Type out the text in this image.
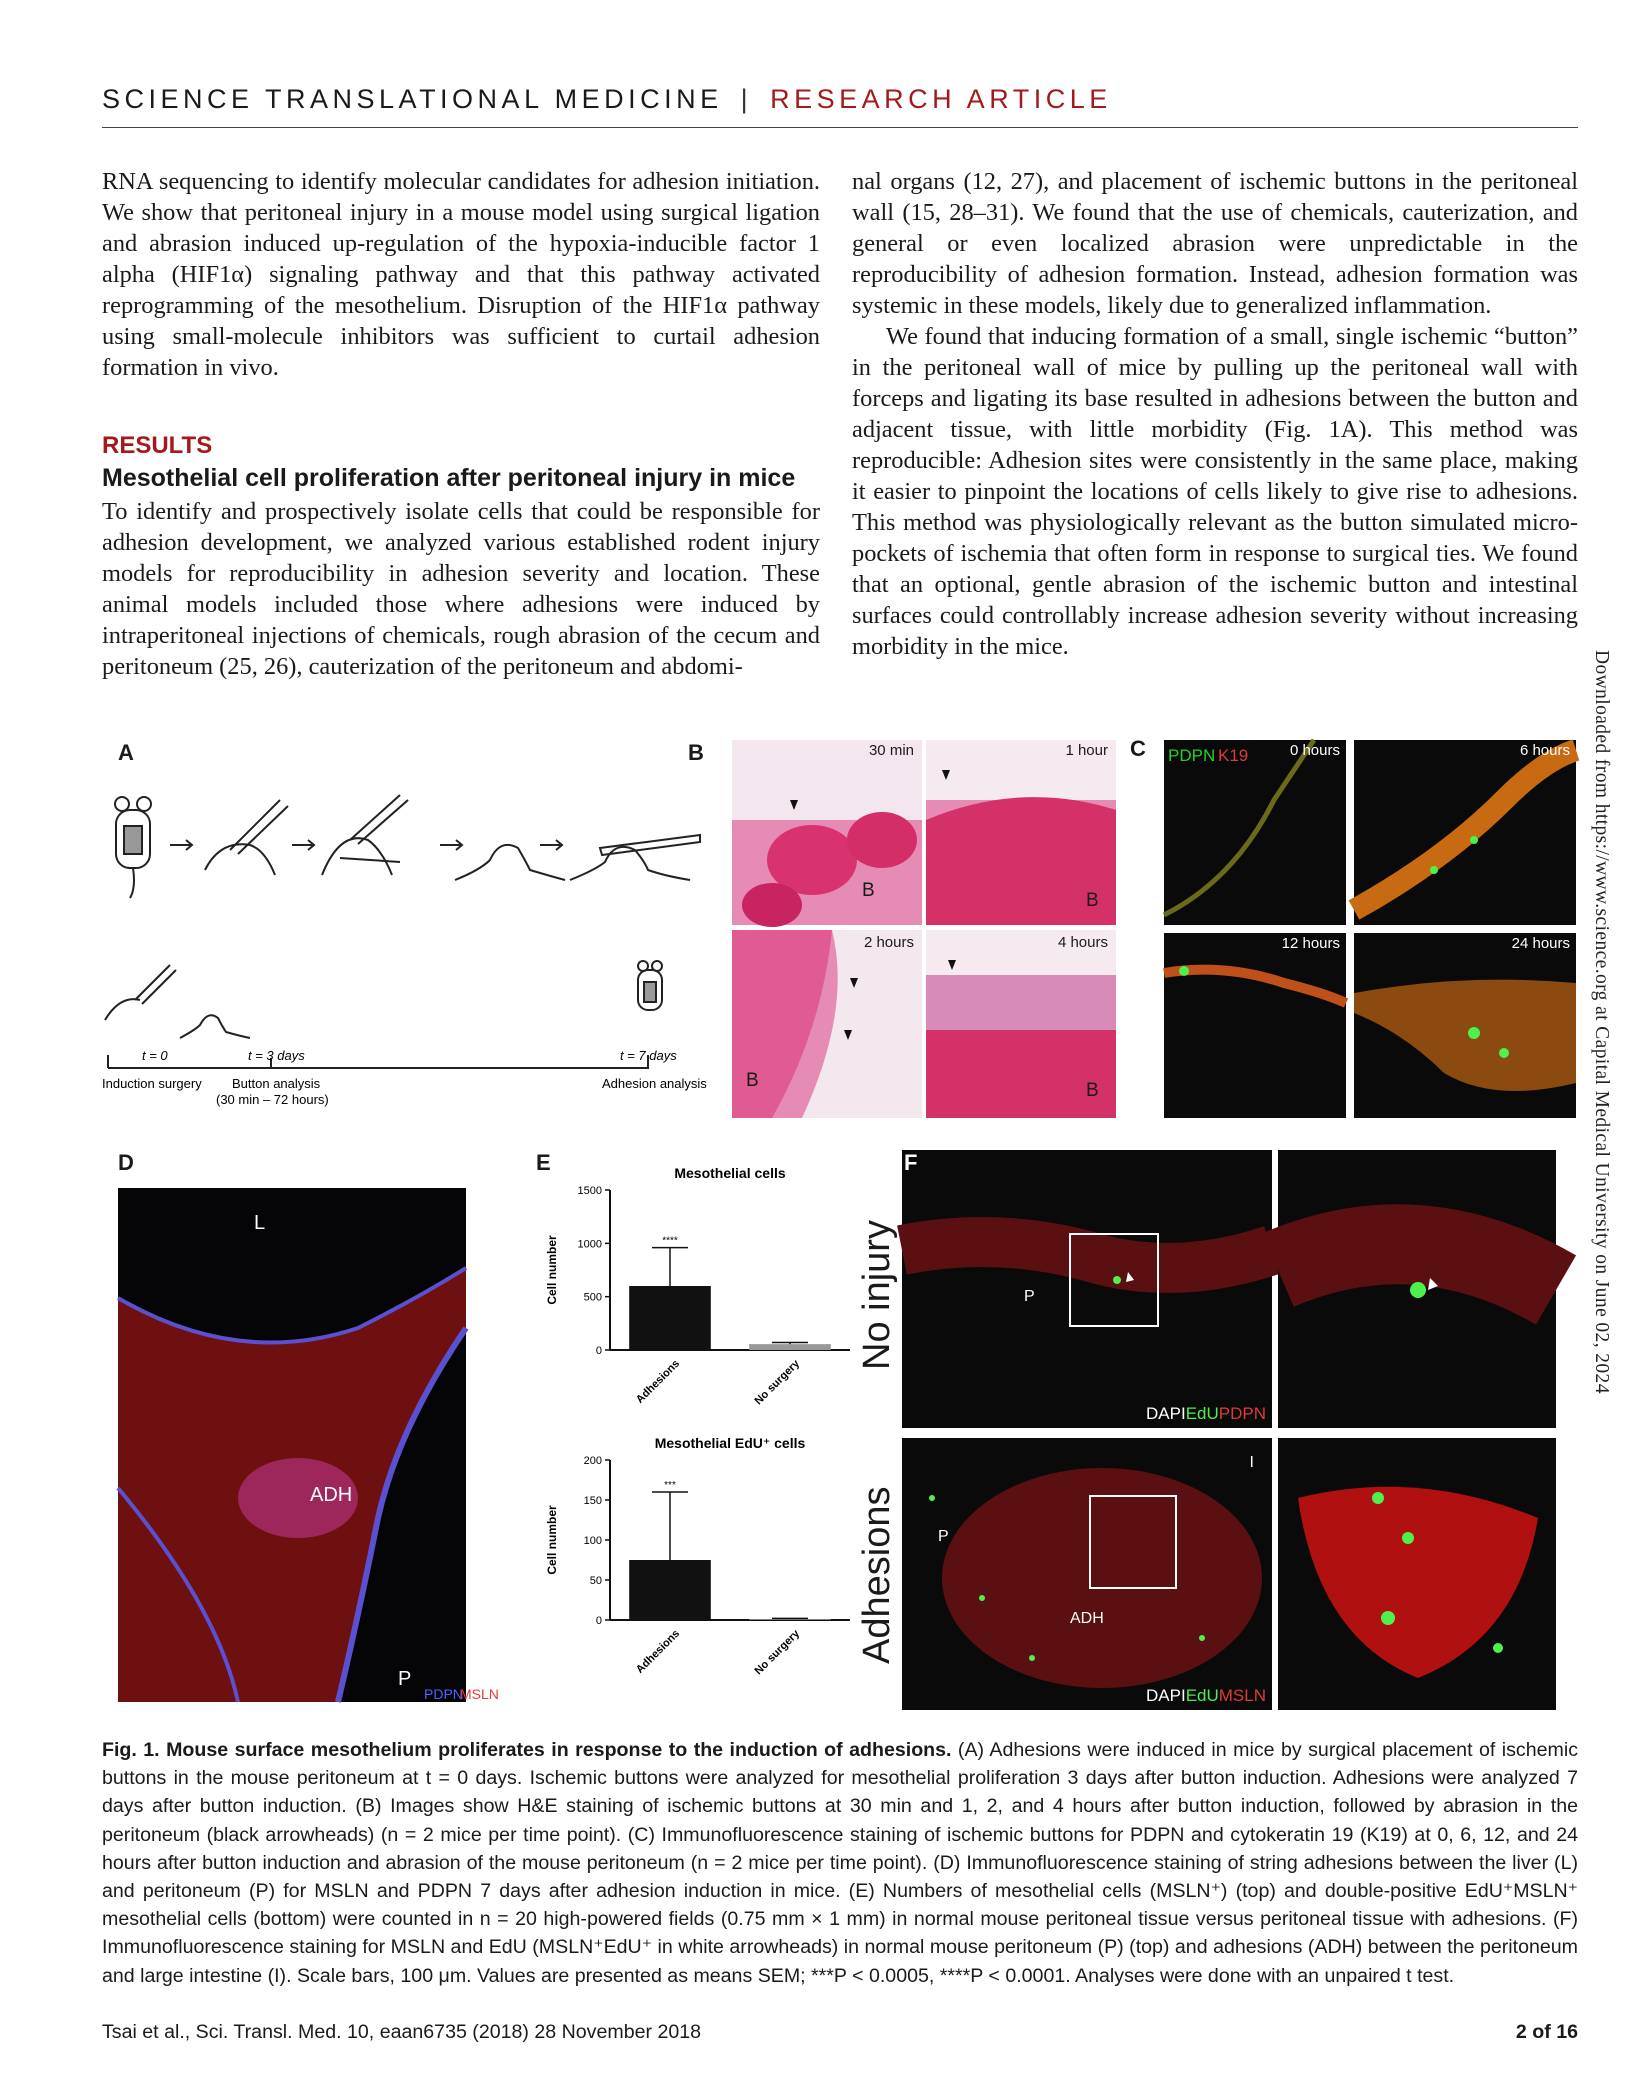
SCIENCE TRANSLATIONAL MEDICINE | RESEARCH ARTICLE

RNA sequencing to identify molecular candidates for adhesion initiation. We show that peritoneal injury in a mouse model using surgical ligation and abrasion induced up-regulation of the hypoxia-inducible factor 1 alpha (HIF1α) signaling pathway and that this pathway activated reprogramming of the mesothelium. Disruption of the HIF1α pathway using small-molecule inhibitors was sufficient to curtail adhesion formation in vivo.

RESULTS
Mesothelial cell proliferation after peritoneal injury in mice

To identify and prospectively isolate cells that could be responsible for adhesion development, we analyzed various established rodent injury models for reproducibility in adhesion severity and location. These animal models included those where adhesions were induced by intraperitoneal injections of chemicals, rough abrasion of the cecum and peritoneum (25, 26), cauterization of the peritoneum and abdomi-

nal organs (12, 27), and placement of ischemic buttons in the peritoneal wall (15, 28–31). We found that the use of chemicals, cauterization, and general or even localized abrasion were unpredictable in the reproducibility of adhesion formation. Instead, adhesion formation was systemic in these models, likely due to generalized inflammation.

We found that inducing formation of a small, single ischemic “button” in the peritoneal wall of mice by pulling up the peritoneal wall with forceps and ligating its base resulted in adhesions between the button and adjacent tissue, with little morbidity (Fig. 1A). This method was reproducible: Adhesion sites were consistently in the same place, making it easier to pinpoint the locations of cells likely to give rise to adhesions. This method was physiologically relevant as the button simulated micro-pockets of ischemia that often form in response to surgical ties. We found that an optional, gentle abrasion of the ischemic button and intestinal surfaces could controllably increase adhesion severity without increasing morbidity in the mice.

Downloaded from https://www.science.org at Capital Medical University on June 02, 2024
A
t = 0	t = 3 days	t = 7 days
Induction surgery Button analysis
(30 min – 72 hours)
Adhesion analysis
B	30 min
B
1 hour
B
2 hours
B
4 hours
B
C PDPN K19	0 hours	6 hours
12 hours	24 hours
D
L
ADH
P
PDPN
MSLN
E	Mesothelial cells
Cell number
0
500
1000
1500
****
Adhesions	No surgery
Mesothelial EdU⁺ cells
Cell number
0
50
100
150
200
***
Adhesions	No surgery
F
No injury
Adhesions
P
DAPIEdUPDPN
P
ADH
I
DAPIEdUMSLN
Fig. 1. Mouse surface mesothelium proliferates in response to the induction of adhesions. (A) Adhesions were induced in mice by surgical placement of ischemic buttons in the mouse peritoneum at t = 0 days. Ischemic buttons were analyzed for mesothelial proliferation 3 days after button induction. Adhesions were analyzed 7 days after button induction. (B) Images show H&E staining of ischemic buttons at 30 min and 1, 2, and 4 hours after button induction, followed by abrasion in the peritoneum (black arrowheads) (n = 2 mice per time point). (C) Immunofluorescence staining of ischemic buttons for PDPN and cytokeratin 19 (K19) at 0, 6, 12, and 24 hours after button induction and abrasion of the mouse peritoneum (n = 2 mice per time point). (D) Immunofluorescence staining of string adhesions between the liver (L) and peritoneum (P) for MSLN and PDPN 7 days after adhesion induction in mice. (E) Numbers of mesothelial cells (MSLN⁺) (top) and double-positive EdU⁺MSLN⁺ mesothelial cells (bottom) were counted in n = 20 high-powered fields (0.75 mm × 1 mm) in normal mouse peritoneal tissue versus peritoneal tissue with adhesions. (F) Immunofluorescence staining for MSLN and EdU (MSLN⁺EdU⁺ in white arrowheads) in normal mouse peritoneum (P) (top) and adhesions (ADH) between the peritoneum and large intestine (I). Scale bars, 100 μm. Values are presented as means SEM; ***P < 0.0005, ****P < 0.0001. Analyses were done with an unpaired t test.
Tsai et al., Sci. Transl. Med. 10, eaan6735 (2018) 28 November 2018	2 of 16
